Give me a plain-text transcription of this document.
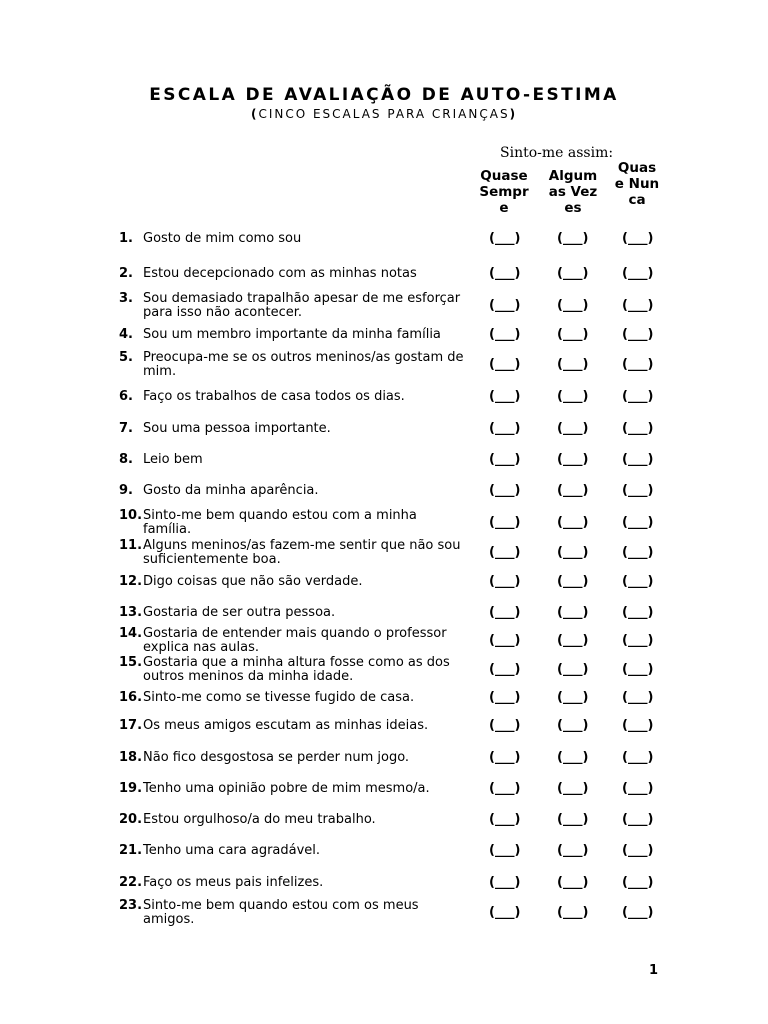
ESCALA DE AVALIAÇÃO DE AUTO-ESTIMA
(CINCO ESCALAS PARA CRIANÇAS)
Sinto-me assim:
Quase Sempre
Algum as Vezes
Quase Nunca
1. Gosto de mim como sou	(___)	(___)	(___)
2. Estou decepcionado com as minhas notas	(___)	(___)	(___)
3. Sou demasiado trapalhão apesar de me esforçar para isso não acontecer.	(___)	(___)	(___)
4. Sou um membro importante da minha família	(___)	(___)	(___)
5. Preocupa-me se os outros meninos/as gostam de mim.	(___)	(___)	(___)
6. Faço os trabalhos de casa todos os dias.	(___)	(___)	(___)
7. Sou uma pessoa importante.	(___)	(___)	(___)
8. Leio bem	(___)	(___)	(___)
9. Gosto da minha aparência.	(___)	(___)	(___)
10. Sinto-me bem quando estou com a minha família.	(___)	(___)	(___)
11. Alguns meninos/as fazem-me sentir que não sou suficientemente boa.	(___)	(___)	(___)
12. Digo coisas que não são verdade.	(___)	(___)	(___)
13. Gostaria de ser outra pessoa.	(___)	(___)	(___)
14. Gostaria de entender mais quando o professor explica nas aulas.	(___)	(___)	(___)
15. Gostaria que a minha altura fosse como as dos outros meninos da minha idade.	(___)	(___)	(___)
16. Sinto-me como se tivesse fugido de casa.	(___)	(___)	(___)
17. Os meus amigos escutam as minhas ideias.	(___)	(___)	(___)
18. Não fico desgostosa se perder num jogo.	(___)	(___)	(___)
19. Tenho uma opinião pobre de mim mesmo/a.	(___)	(___)	(___)
20. Estou orgulhoso/a do meu trabalho.	(___)	(___)	(___)
21. Tenho uma cara agradável.	(___)	(___)	(___)
22. Faço os meus pais infelizes.	(___)	(___)	(___)
23. Sinto-me bem quando estou com os meus amigos.	(___)	(___)	(___)
1
